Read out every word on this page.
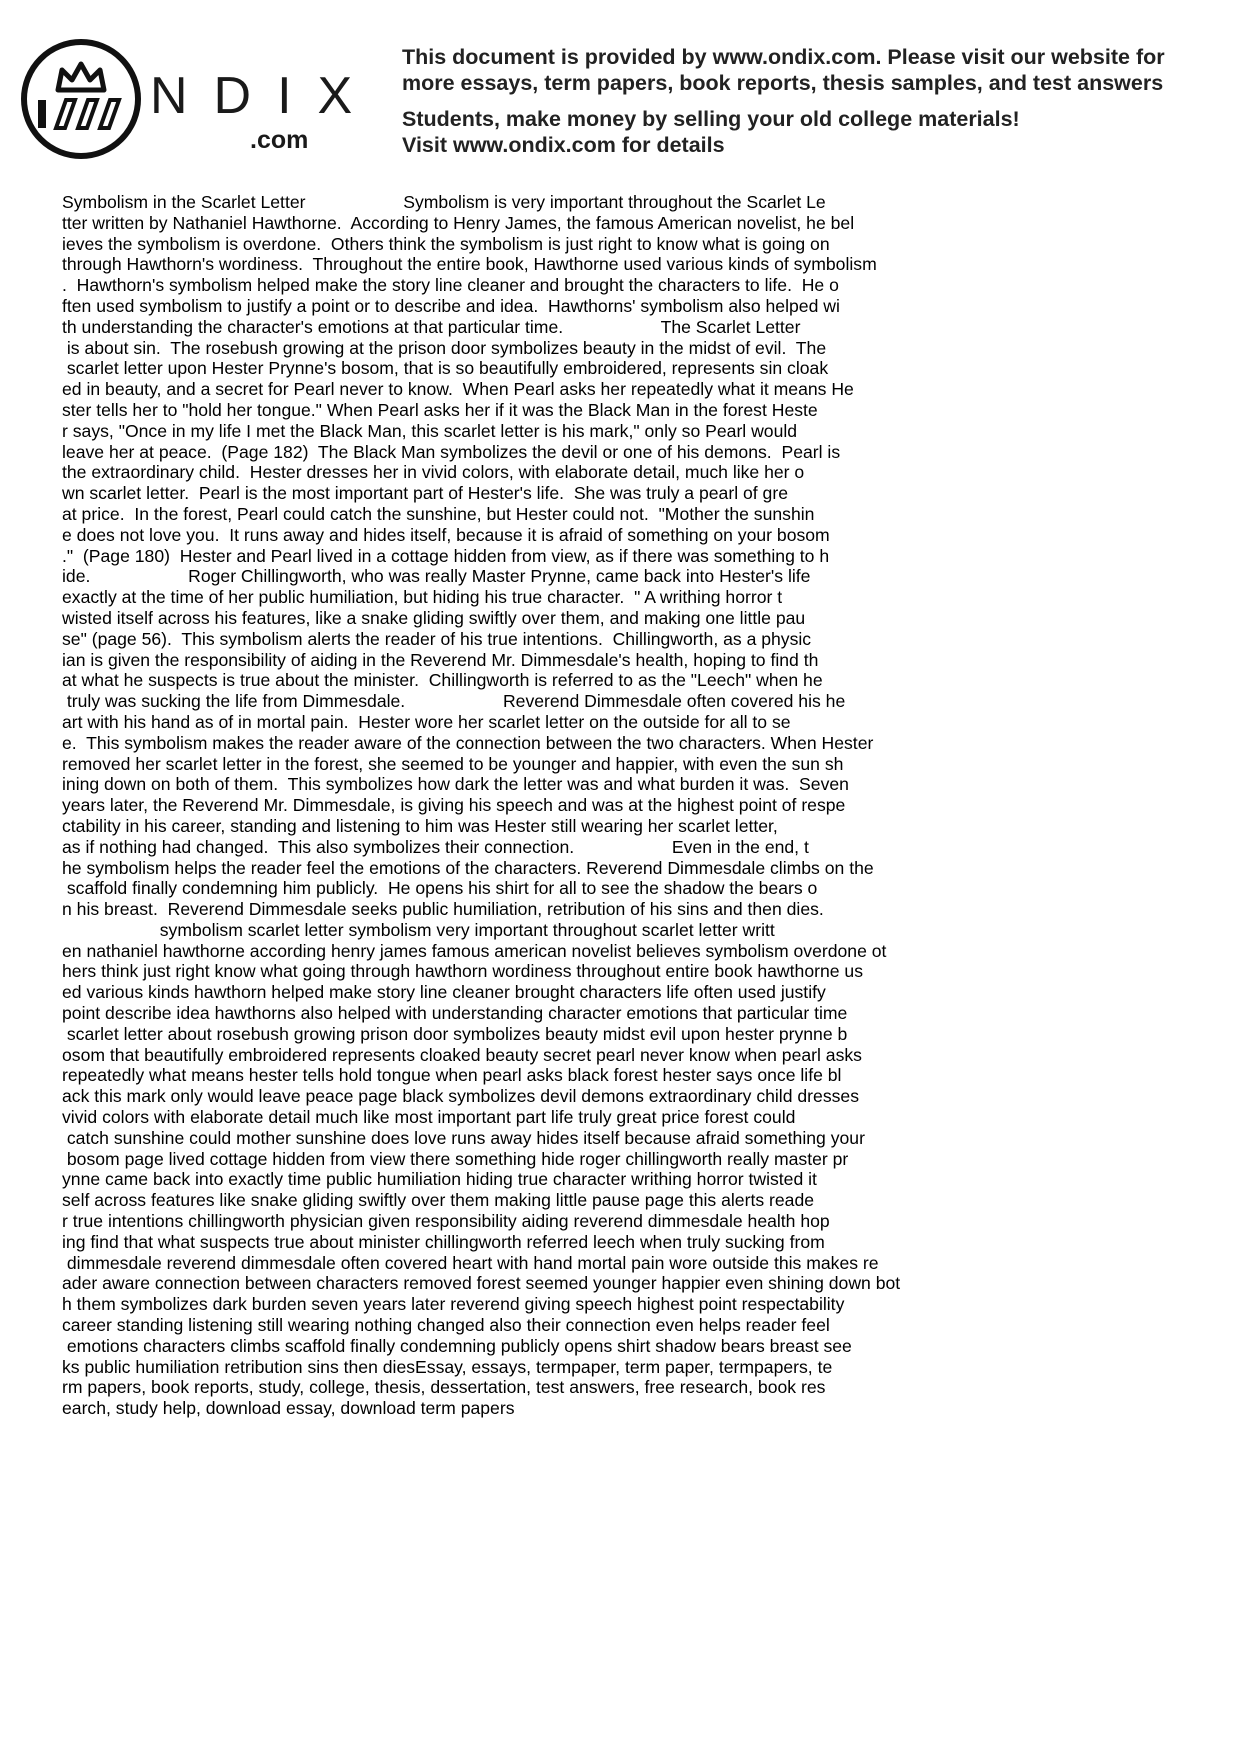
NDIX
.com
This document is provided by www.ondix.com. Please visit our website for
more essays, term papers, book reports, thesis samples, and test answers
Students, make money by selling your old college materials!
Visit www.ondix.com for details
Symbolism in the Scarlet Letter                    Symbolism is very important throughout the Scarlet Le
tter written by Nathaniel Hawthorne.  According to Henry James, the famous American novelist, he bel
ieves the symbolism is overdone.  Others think the symbolism is just right to know what is going on
through Hawthorn's wordiness.  Throughout the entire book, Hawthorne used various kinds of symbolism
.  Hawthorn's symbolism helped make the story line cleaner and brought the characters to life.  He o
ften used symbolism to justify a point or to describe and idea.  Hawthorns' symbolism also helped wi
th understanding the character's emotions at that particular time.                    The Scarlet Letter
is about sin.  The rosebush growing at the prison door symbolizes beauty in the midst of evil.  The
scarlet letter upon Hester Prynne's bosom, that is so beautifully embroidered, represents sin cloak
ed in beauty, and a secret for Pearl never to know.  When Pearl asks her repeatedly what it means He
ster tells her to "hold her tongue." When Pearl asks her if it was the Black Man in the forest Heste
r says, "Once in my life I met the Black Man, this scarlet letter is his mark," only so Pearl would
leave her at peace.  (Page 182)  The Black Man symbolizes the devil or one of his demons.  Pearl is
the extraordinary child.  Hester dresses her in vivid colors, with elaborate detail, much like her o
wn scarlet letter.  Pearl is the most important part of Hester's life.  She was truly a pearl of gre
at price.  In the forest, Pearl could catch the sunshine, but Hester could not.  "Mother the sunshin
e does not love you.  It runs away and hides itself, because it is afraid of something on your bosom
."  (Page 180)  Hester and Pearl lived in a cottage hidden from view, as if there was something to h
ide.                    Roger Chillingworth, who was really Master Prynne, came back into Hester's life
exactly at the time of her public humiliation, but hiding his true character.  " A writhing horror t
wisted itself across his features, like a snake gliding swiftly over them, and making one little pau
se" (page 56).  This symbolism alerts the reader of his true intentions.  Chillingworth, as a physic
ian is given the responsibility of aiding in the Reverend Mr. Dimmesdale's health, hoping to find th
at what he suspects is true about the minister.  Chillingworth is referred to as the "Leech" when he
truly was sucking the life from Dimmesdale.                    Reverend Dimmesdale often covered his he
art with his hand as of in mortal pain.  Hester wore her scarlet letter on the outside for all to se
e.  This symbolism makes the reader aware of the connection between the two characters. When Hester
removed her scarlet letter in the forest, she seemed to be younger and happier, with even the sun sh
ining down on both of them.  This symbolizes how dark the letter was and what burden it was.  Seven
years later, the Reverend Mr. Dimmesdale, is giving his speech and was at the highest point of respe
ctability in his career, standing and listening to him was Hester still wearing her scarlet letter,
as if nothing had changed.  This also symbolizes their connection.                    Even in the end, t
he symbolism helps the reader feel the emotions of the characters. Reverend Dimmesdale climbs on the
scaffold finally condemning him publicly.  He opens his shirt for all to see the shadow the bears o
n his breast.  Reverend Dimmesdale seeks public humiliation, retribution of his sins and then dies.
symbolism scarlet letter symbolism very important throughout scarlet letter writt
en nathaniel hawthorne according henry james famous american novelist believes symbolism overdone ot
hers think just right know what going through hawthorn wordiness throughout entire book hawthorne us
ed various kinds hawthorn helped make story line cleaner brought characters life often used justify
point describe idea hawthorns also helped with understanding character emotions that particular time
scarlet letter about rosebush growing prison door symbolizes beauty midst evil upon hester prynne b
osom that beautifully embroidered represents cloaked beauty secret pearl never know when pearl asks
repeatedly what means hester tells hold tongue when pearl asks black forest hester says once life bl
ack this mark only would leave peace page black symbolizes devil demons extraordinary child dresses
vivid colors with elaborate detail much like most important part life truly great price forest could
catch sunshine could mother sunshine does love runs away hides itself because afraid something your
bosom page lived cottage hidden from view there something hide roger chillingworth really master pr
ynne came back into exactly time public humiliation hiding true character writhing horror twisted it
self across features like snake gliding swiftly over them making little pause page this alerts reade
r true intentions chillingworth physician given responsibility aiding reverend dimmesdale health hop
ing find that what suspects true about minister chillingworth referred leech when truly sucking from
dimmesdale reverend dimmesdale often covered heart with hand mortal pain wore outside this makes re
ader aware connection between characters removed forest seemed younger happier even shining down bot
h them symbolizes dark burden seven years later reverend giving speech highest point respectability
career standing listening still wearing nothing changed also their connection even helps reader feel
emotions characters climbs scaffold finally condemning publicly opens shirt shadow bears breast see
ks public humiliation retribution sins then diesEssay, essays, termpaper, term paper, termpapers, te
rm papers, book reports, study, college, thesis, dessertation, test answers, free research, book res
earch, study help, download essay, download term papers
